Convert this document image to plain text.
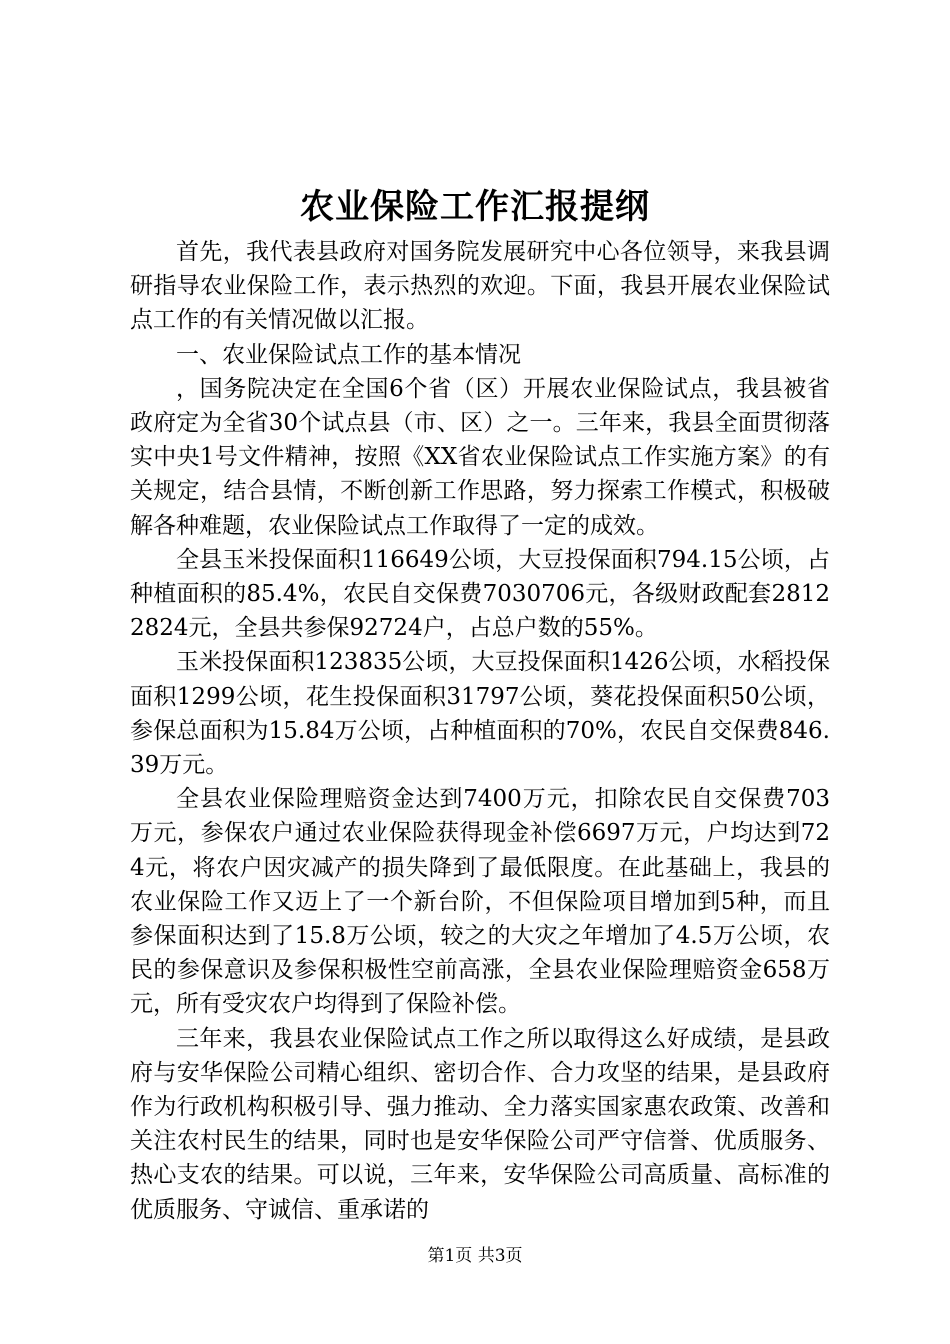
农业保险工作汇报提纲

首先，我代表县政府对国务院发展研究中心各位领导，来我县调研指导农业保险工作，表示热烈的欢迎。下面，我县开展农业保险试点工作的有关情况做以汇报。

一、农业保险试点工作的基本情况

，国务院决定在全国6个省（区）开展农业保险试点，我县被省政府定为全省30个试点县（市、区）之一。三年来，我县全面贯彻落实中央1号文件精神，按照《XX省农业保险试点工作实施方案》的有关规定，结合县情，不断创新工作思路，努力探索工作模式，积极破解各种难题，农业保险试点工作取得了一定的成效。

全县玉米投保面积116649公顷，大豆投保面积794.15公顷，占种植面积的85.4%，农民自交保费7030706元，各级财政配套28122824元，全县共参保92724户，占总户数的55%。

玉米投保面积123835公顷，大豆投保面积1426公顷，水稻投保面积1299公顷，花生投保面积31797公顷，葵花投保面积50公顷，参保总面积为15.84万公顷，占种植面积的70%，农民自交保费846.39万元。

全县农业保险理赔资金达到7400万元，扣除农民自交保费703万元，参保农户通过农业保险获得现金补偿6697万元，户均达到724元，将农户因灾减产的损失降到了最低限度。在此基础上，我县的农业保险工作又迈上了一个新台阶，不但保险项目增加到5种，而且参保面积达到了15.8万公顷，较之的大灾之年增加了4.5万公顷，农民的参保意识及参保积极性空前高涨，全县农业保险理赔资金658万元，所有受灾农户均得到了保险补偿。

三年来，我县农业保险试点工作之所以取得这么好成绩，是县政府与安华保险公司精心组织、密切合作、合力攻坚的结果，是县政府作为行政机构积极引导、强力推动、全力落实国家惠农政策、改善和关注农村民生的结果，同时也是安华保险公司严守信誉、优质服务、热心支农的结果。可以说，三年来，安华保险公司高质量、高标准的优质服务、守诚信、重承诺的

第1页 共3页
